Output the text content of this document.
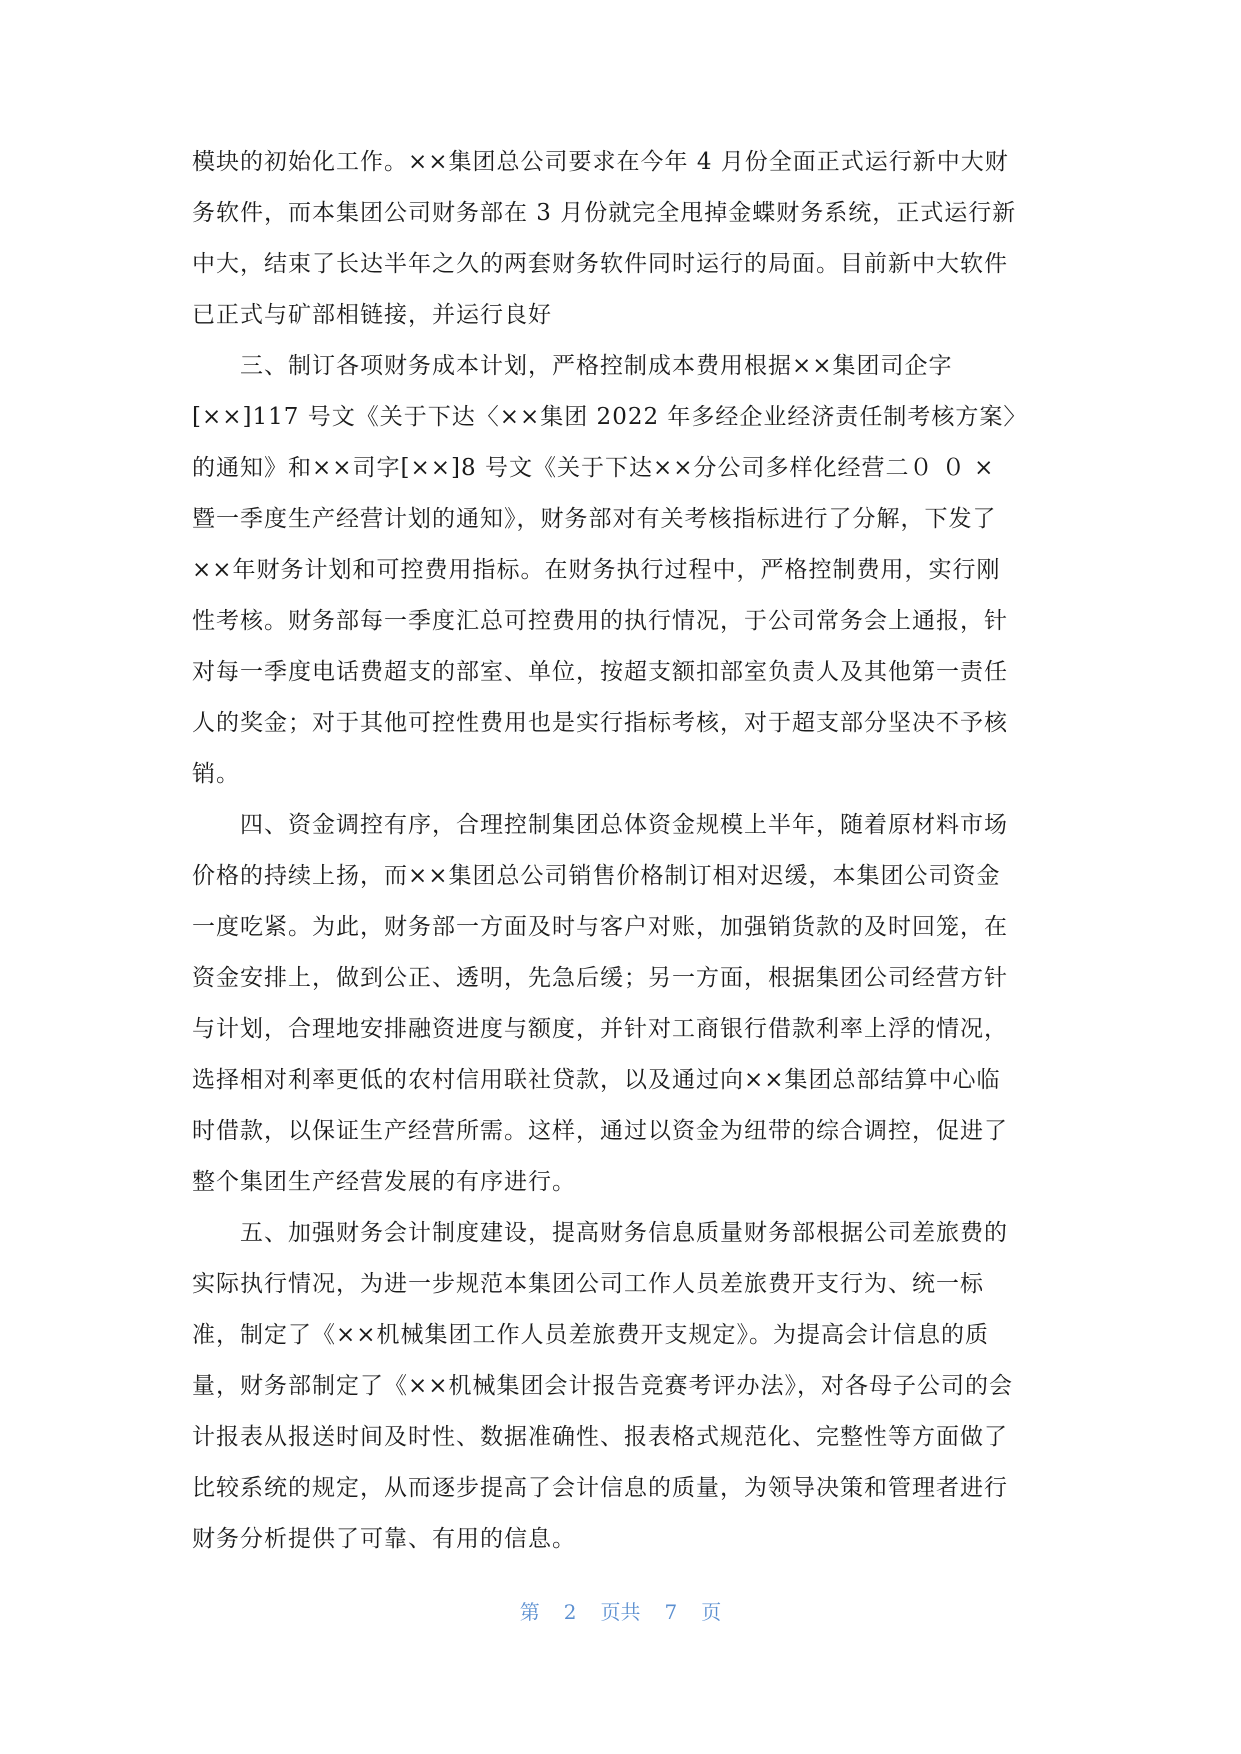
模块的初始化工作。××集团总公司要求在今年 4 月份全面正式运行新中大财
务软件，而本集团公司财务部在 3 月份就完全甩掉金蝶财务系统，正式运行新
中大，结束了长达半年之久的两套财务软件同时运行的局面。目前新中大软件
已正式与矿部相链接，并运行良好
三、制订各项财务成本计划，严格控制成本费用根据××集团司企字
[××]117 号文《关于下达〈××集团 2022 年多经企业经济责任制考核方案〉
的通知》和××司字[××]8 号文《关于下达××分公司多样化经营二０ ０ ×
暨一季度生产经营计划的通知》，财务部对有关考核指标进行了分解，下发了
××年财务计划和可控费用指标。在财务执行过程中，严格控制费用，实行刚
性考核。财务部每一季度汇总可控费用的执行情况，于公司常务会上通报，针
对每一季度电话费超支的部室、单位，按超支额扣部室负责人及其他第一责任
人的奖金；对于其他可控性费用也是实行指标考核，对于超支部分坚决不予核
销。
四、资金调控有序，合理控制集团总体资金规模上半年，随着原材料市场
价格的持续上扬，而××集团总公司销售价格制订相对迟缓，本集团公司资金
一度吃紧。为此，财务部一方面及时与客户对账，加强销货款的及时回笼，在
资金安排上，做到公正、透明，先急后缓；另一方面，根据集团公司经营方针
与计划，合理地安排融资进度与额度，并针对工商银行借款利率上浮的情况，
选择相对利率更低的农村信用联社贷款，以及通过向××集团总部结算中心临
时借款，以保证生产经营所需。这样，通过以资金为纽带的综合调控，促进了
整个集团生产经营发展的有序进行。
五、加强财务会计制度建设，提高财务信息质量财务部根据公司差旅费的
实际执行情况，为进一步规范本集团公司工作人员差旅费开支行为、统一标
准，制定了《××机械集团工作人员差旅费开支规定》。为提高会计信息的质
量，财务部制定了《××机械集团会计报告竞赛考评办法》，对各母子公司的会
计报表从报送时间及时性、数据准确性、报表格式规范化、完整性等方面做了
比较系统的规定，从而逐步提高了会计信息的质量，为领导决策和管理者进行
财务分析提供了可靠、有用的信息。
第 2 页共 7 页
